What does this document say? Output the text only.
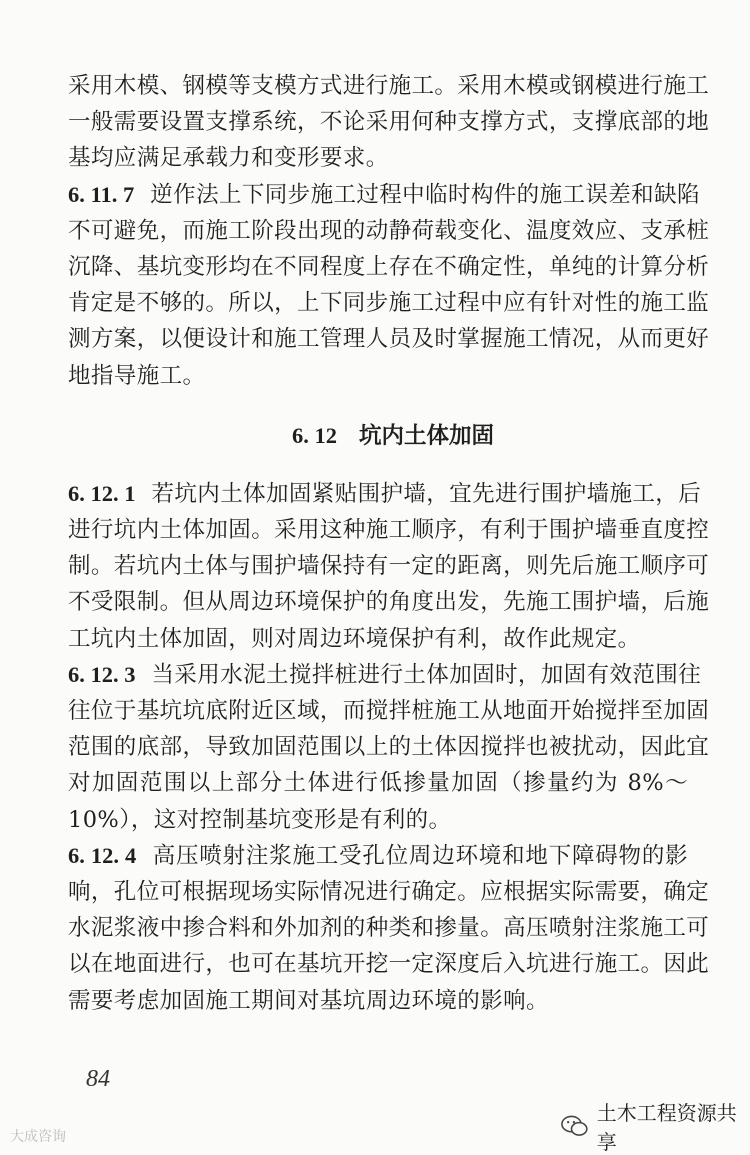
采用木模、钢模等支模方式进行施工。采用木模或钢模进行施工

一般需要设置支撑系统，不论采用何种支撑方式，支撑底部的地

基均应满足承载力和变形要求。

6. 11. 7 逆作法上下同步施工过程中临时构件的施工误差和缺陷

不可避免，而施工阶段出现的动静荷载变化、温度效应、支承桩

沉降、基坑变形均在不同程度上存在不确定性，单纯的计算分析

肯定是不够的。所以，上下同步施工过程中应有针对性的施工监

测方案，以便设计和施工管理人员及时掌握施工情况，从而更好

地指导施工。

6. 12 坑内土体加固

6. 12. 1 若坑内土体加固紧贴围护墙，宜先进行围护墙施工，后

进行坑内土体加固。采用这种施工顺序，有利于围护墙垂直度控

制。若坑内土体与围护墙保持有一定的距离，则先后施工顺序可

不受限制。但从周边环境保护的角度出发，先施工围护墙，后施

工坑内土体加固，则对周边环境保护有利，故作此规定。

6. 12. 3 当采用水泥土搅拌桩进行土体加固时，加固有效范围往

往位于基坑坑底附近区域，而搅拌桩施工从地面开始搅拌至加固

范围的底部，导致加固范围以上的土体因搅拌也被扰动，因此宜

对加固范围以上部分土体进行低掺量加固（掺量约为 8%～

10%），这对控制基坑变形是有利的。

6. 12. 4 高压喷射注浆施工受孔位周边环境和地下障碍物的影

响，孔位可根据现场实际情况进行确定。应根据实际需要，确定

水泥浆液中掺合料和外加剂的种类和掺量。高压喷射注浆施工可

以在地面进行，也可在基坑开挖一定深度后入坑进行施工。因此

需要考虑加固施工期间对基坑周边环境的影响。

84
大成咨询
土木工程资源共享
